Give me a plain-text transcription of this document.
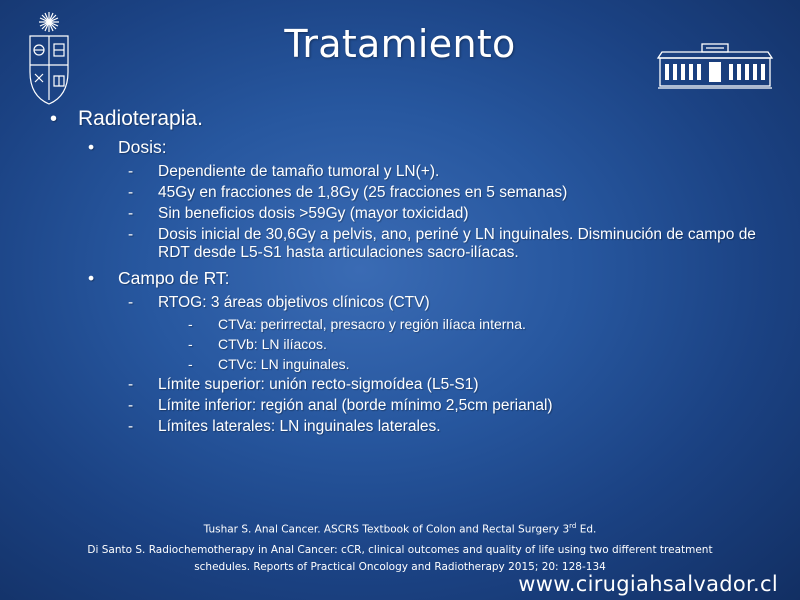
Tratamiento
• Radioterapia.
• Dosis:
- Dependiente de tamaño tumoral y LN(+).
- 45Gy en fracciones de 1,8Gy (25 fracciones en 5 semanas)
- Sin beneficios dosis >59Gy (mayor toxicidad)
- Dosis inicial de 30,6Gy a pelvis, ano, periné y LN inguinales. Disminución de campo de RDT desde L5-S1 hasta articulaciones sacro-ilíacas.
• Campo de RT:
- RTOG: 3 áreas objetivos clínicos (CTV)
- CTVa: perirrectal, presacro y región ilíaca interna.
- CTVb: LN ilíacos.
- CTVc: LN inguinales.
- Límite superior: unión recto-sigmoídea (L5-S1)
- Límite inferior: región anal (borde mínimo 2,5cm perianal)
- Límites laterales: LN inguinales laterales.
Tushar S. Anal Cancer. ASCRS Textbook of Colon and Rectal Surgery 3rd Ed.
Di Santo S. Radiochemotherapy in Anal Cancer: cCR, clinical outcomes and quality of life using two different treatment schedules. Reports of Practical Oncology and Radiotherapy 2015; 20: 128-134
www.cirugiahsalvador.cl
